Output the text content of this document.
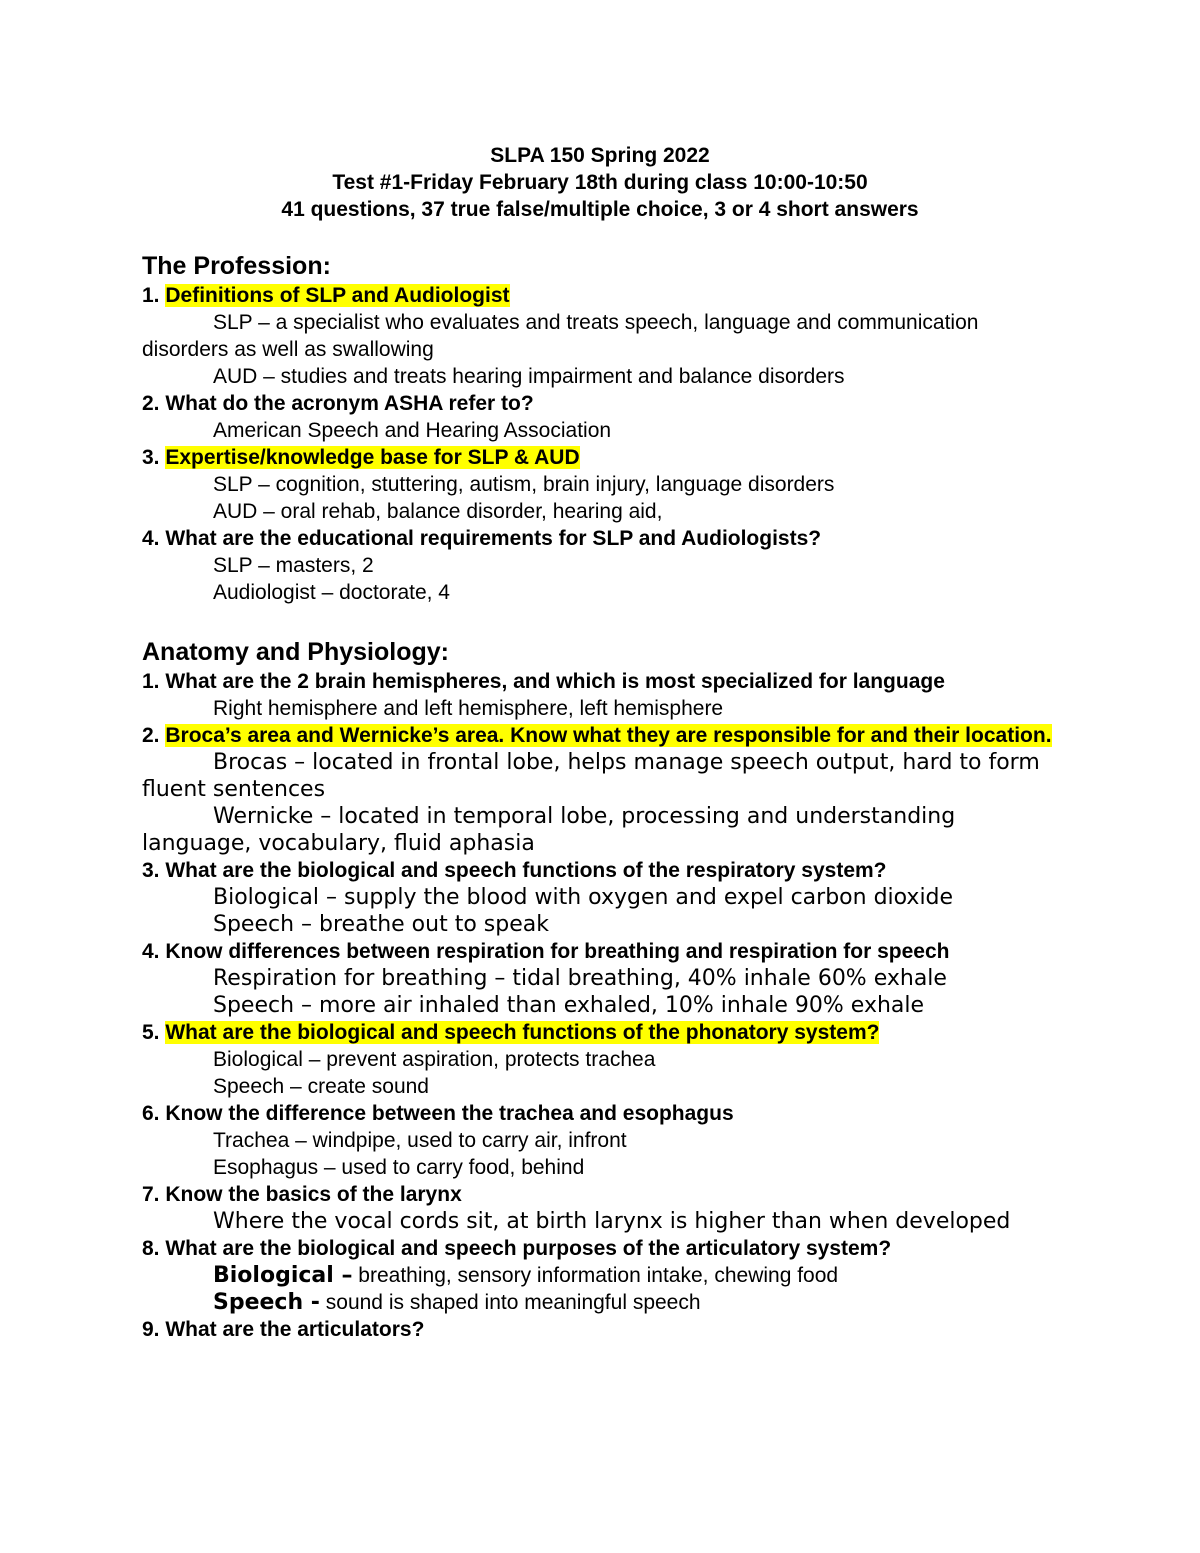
SLPA 150 Spring 2022
Test #1-Friday February 18th during class 10:00-10:50
41 questions, 37 true false/multiple choice, 3 or 4 short answers
The Profession:
1. Definitions of SLP and Audiologist
SLP – a specialist who evaluates and treats speech, language and communication disorders as well as swallowing
AUD – studies and treats hearing impairment and balance disorders
2. What do the acronym ASHA refer to?
American Speech and Hearing Association
3. Expertise/knowledge base for SLP & AUD
SLP – cognition, stuttering, autism, brain injury, language disorders
AUD – oral rehab, balance disorder, hearing aid,
4. What are the educational requirements for SLP and Audiologists?
SLP – masters, 2
Audiologist – doctorate, 4
Anatomy and Physiology:
1. What are the 2 brain hemispheres, and which is most specialized for language
Right hemisphere and left hemisphere, left hemisphere
2. Broca’s area and Wernicke’s area. Know what they are responsible for and their location.
Brocas – located in frontal lobe, helps manage speech output, hard to form fluent sentences
Wernicke – located in temporal lobe, processing and understanding language, vocabulary, fluid aphasia
3. What are the biological and speech functions of the respiratory system?
Biological – supply the blood with oxygen and expel carbon dioxide
Speech – breathe out to speak
4. Know differences between respiration for breathing and respiration for speech
Respiration for breathing – tidal breathing, 40% inhale 60% exhale
Speech – more air inhaled than exhaled, 10% inhale 90% exhale
5. What are the biological and speech functions of the phonatory system?
Biological – prevent aspiration, protects trachea
Speech – create sound
6. Know the difference between the trachea and esophagus
Trachea – windpipe, used to carry air, infront
Esophagus – used to carry food, behind
7. Know the basics of the larynx
Where the vocal cords sit, at birth larynx is higher than when developed
8. What are the biological and speech purposes of the articulatory system?
Biological – breathing, sensory information intake, chewing food
Speech - sound is shaped into meaningful speech
9. What are the articulators?
